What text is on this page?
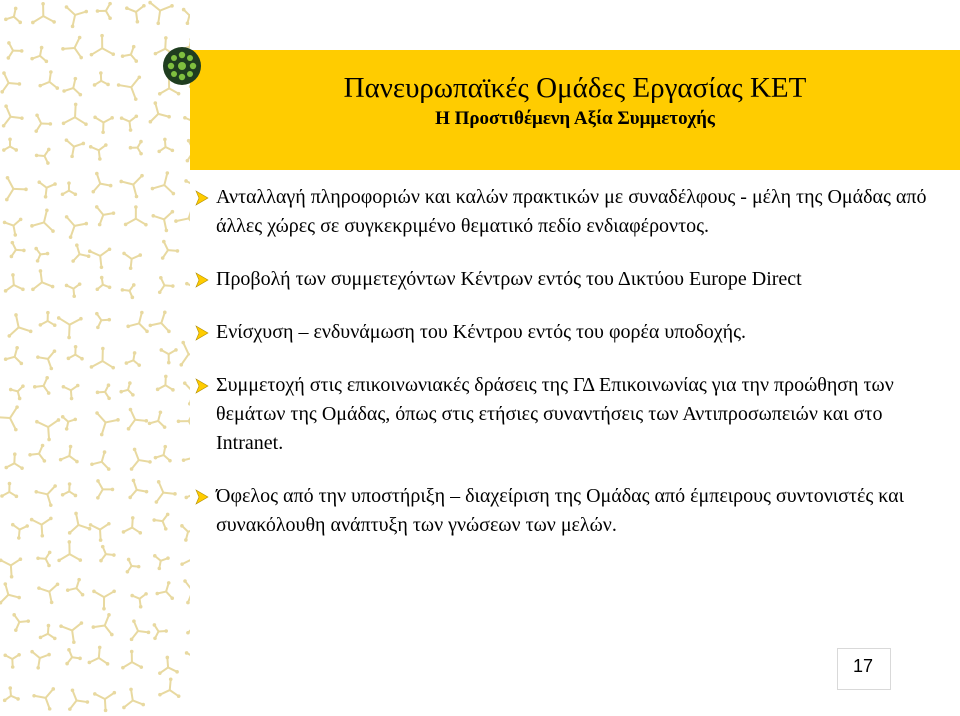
Πανευρωπαϊκές Ομάδες Εργασίας ΚΕΤ
Η Προστιθέμενη Αξία Συμμετοχής
Ανταλλαγή πληροφοριών και καλών πρακτικών με συναδέλφους - μέλη της Ομάδας από άλλες χώρες σε συγκεκριμένο θεματικό πεδίο ενδιαφέροντος.
Προβολή των συμμετεχόντων Κέντρων εντός του Δικτύου Europe Direct
Ενίσχυση – ενδυνάμωση του Κέντρου εντός του φορέα υποδοχής.
Συμμετοχή στις επικοινωνιακές δράσεις της ΓΔ Επικοινωνίας για την προώθηση των θεμάτων της Ομάδας, όπως στις ετήσιες συναντήσεις των Αντιπροσωπειών και στο Intranet.
Όφελος από την υποστήριξη – διαχείριση της Ομάδας από έμπειρους συντονιστές και συνακόλουθη ανάπτυξη των γνώσεων των μελών.
17
